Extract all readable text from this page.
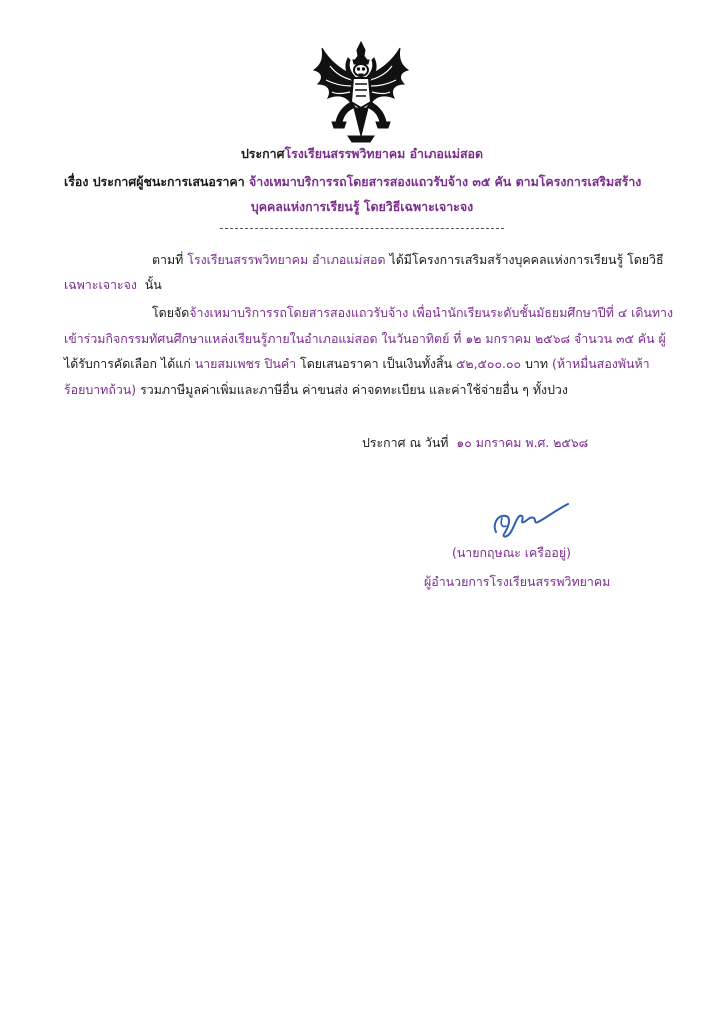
ประกาศโรงเรียนสรรพวิทยาคม อำเภอแม่สอด
เรื่อง ประกาศผู้ชนะการเสนอราคา จ้างเหมาบริการรถโดยสารสองแถวรับจ้าง ๓๕ คัน ตามโครงการเสริมสร้าง
บุคคลแห่งการเรียนรู้ โดยวิธีเฉพาะเจาะจง
ตามที่ โรงเรียนสรรพวิทยาคม อำเภอแม่สอด ได้มีโครงการเสริมสร้างบุคคลแห่งการเรียนรู้ โดยวิธี
เฉพาะเจาะจง นั้น
โดยจัดจ้างเหมาบริการรถโดยสารสองแถวรับจ้าง เพื่อนำนักเรียนระดับชั้นมัธยมศึกษาปีที่ ๔ เดินทาง
เข้าร่วมกิจกรรมทัศนศึกษาแหล่งเรียนรู้ภายในอำเภอแม่สอด ในวันอาทิตย์ ที่ ๑๒ มกราคม ๒๕๖๘ จำนวน ๓๕ คัน ผู้
ได้รับการคัดเลือก ได้แก่ นายสมเพชร ปินคำ โดยเสนอราคา เป็นเงินทั้งสิ้น ๕๒,๕๐๐.๐๐ บาท (ห้าหมื่นสองพันห้า
ร้อยบาทถ้วน) รวมภาษีมูลค่าเพิ่มและภาษีอื่น ค่าขนส่ง ค่าจดทะเบียน และค่าใช้จ่ายอื่น ๆ ทั้งปวง
ประกาศ ณ วันที่ ๑๐ มกราคม พ.ศ. ๒๕๖๘
(นายกฤษณะ เครืออยู่)
ผู้อำนวยการโรงเรียนสรรพวิทยาคม
